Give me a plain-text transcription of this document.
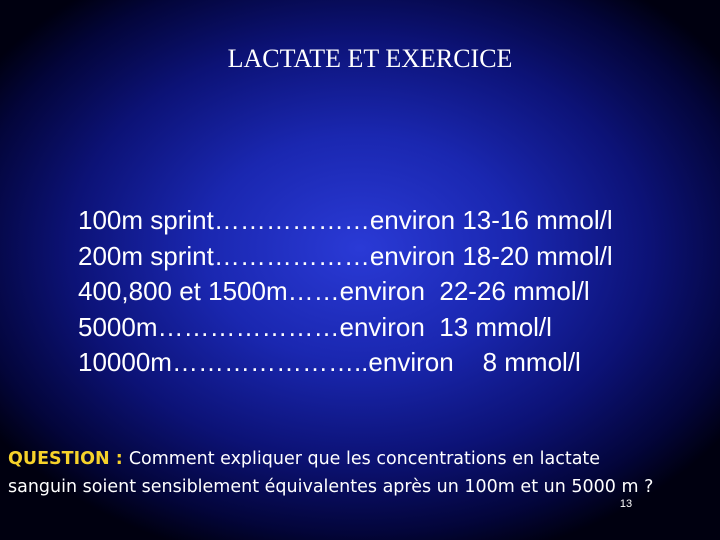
LACTATE ET EXERCICE
100m sprint……………… environ 13-16 mmol/l
200m sprint……………… environ 18-20 mmol/l
400,800 et 1500m…… environ 22-26 mmol/l
5000m………………… environ 13 mmol/l
10000m………………….. environ 8 mmol/l
QUESTION : Comment expliquer que les concentrations en lactate
sanguin soient sensiblement équivalentes après un 100m et un 5000 m ?
13
